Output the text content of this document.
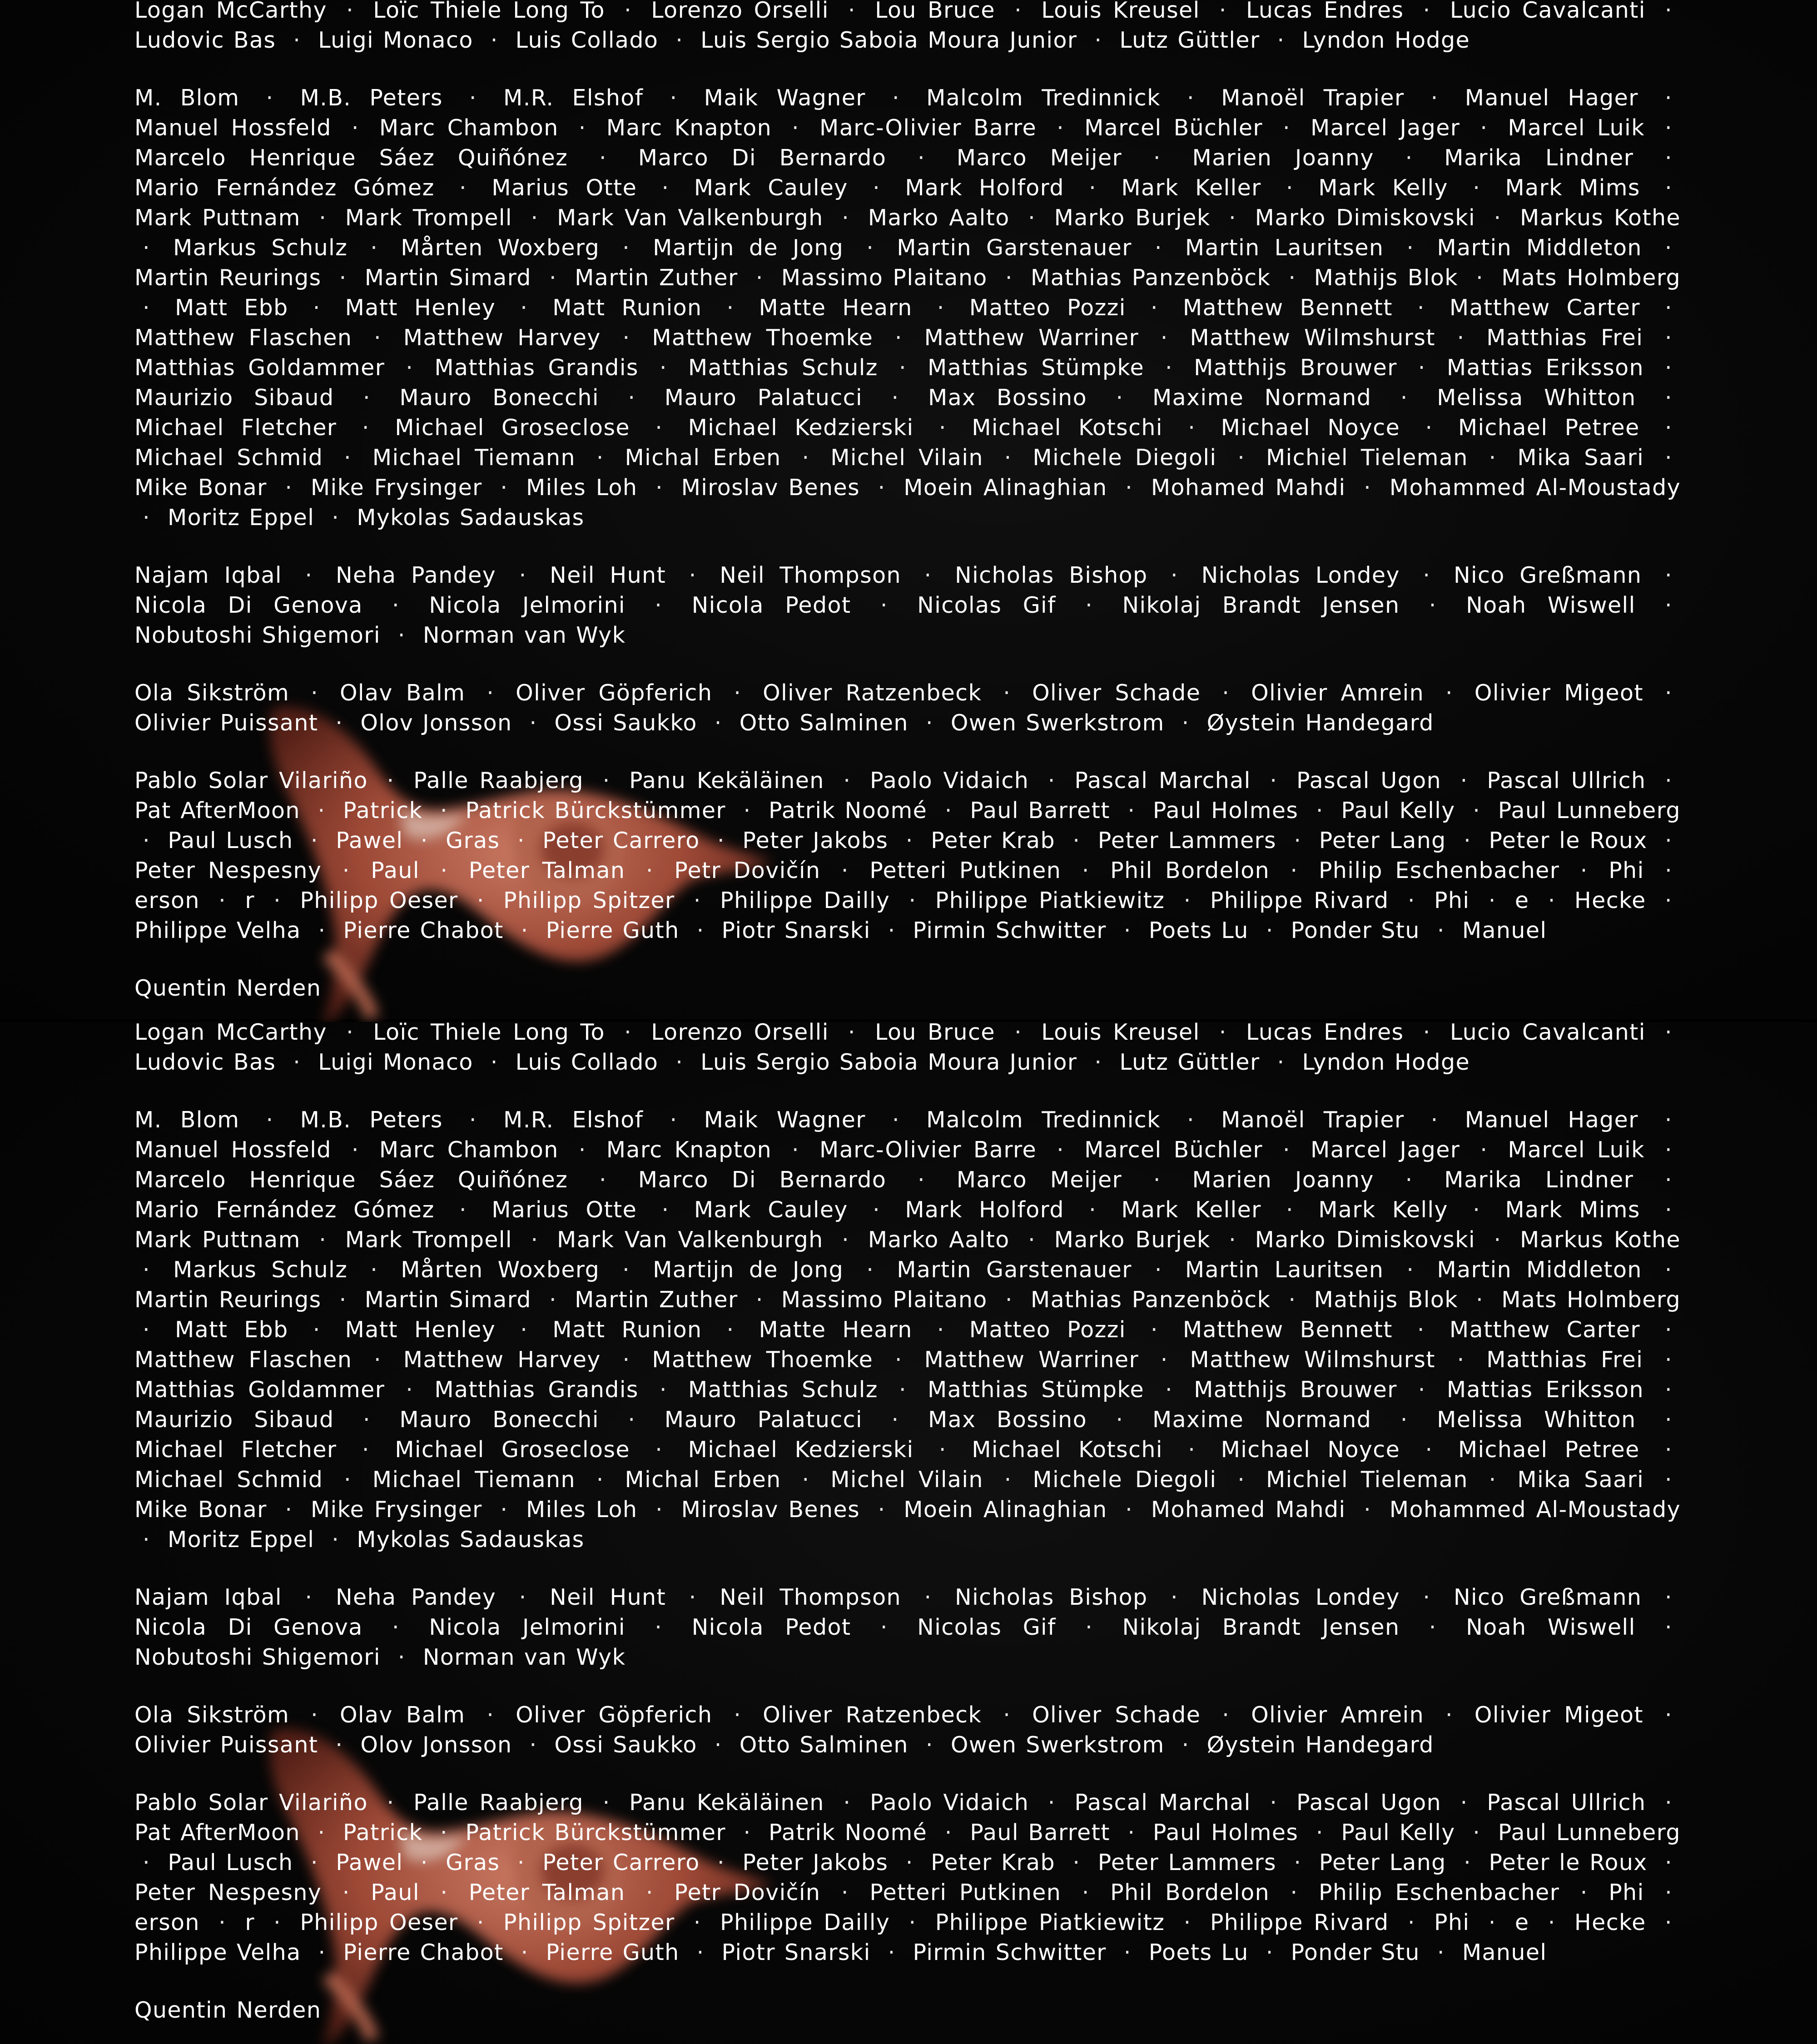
Logan McCarthy · Loïc Thiele Long To · Lorenzo Orselli · Lou Bruce · Louis Kreusel · Lucas Endres · Lucio Cavalcanti · Ludovic Bas · Luigi Monaco · Luis Collado · Luis Sergio Saboia Moura Junior · Lutz Güttler · Lyndon Hodge
M. Blom · M.B. Peters · M.R. Elshof · Maik Wagner · Malcolm Tredinnick · Manoël Trapier · Manuel Hager · Manuel Hossfeld · Marc Chambon · Marc Knapton · Marc-Olivier Barre · Marcel Büchler · Marcel Jager · Marcel Luik · Marcelo Henrique Sáez Quiñónez · Marco Di Bernardo · Marco Meijer · Marien Joanny · Marika Lindner · Mario Fernández Gómez · Marius Otte · Mark Cauley · Mark Holford · Mark Keller · Mark Kelly · Mark Mims · Mark Puttnam · Mark Trompell · Mark Van Valkenburgh · Marko Aalto · Marko Burjek · Marko Dimiskovski · Markus Kothe · Markus Schulz · Mårten Woxberg · Martijn de Jong · Martin Garstenauer · Martin Lauritsen · Martin Middleton · Martin Reurings · Martin Simard · Martin Zuther · Massimo Plaitano · Mathias Panzenböck · Mathijs Blok · Mats Holmberg · Matt Ebb · Matt Henley · Matt Runion · Matte Hearn · Matteo Pozzi · Matthew Bennett · Matthew Carter · Matthew Flaschen · Matthew Harvey · Matthew Thoemke · Matthew Warriner · Matthew Wilmshurst · Matthias Frei · Matthias Goldammer · Matthias Grandis · Matthias Schulz · Matthias Stümpke · Matthijs Brouwer · Mattias Eriksson · Maurizio Sibaud · Mauro Bonecchi · Mauro Palatucci · Max Bossino · Maxime Normand · Melissa Whitton · Michael Fletcher · Michael Groseclose · Michael Kedzierski · Michael Kotschi · Michael Noyce · Michael Petree · Michael Schmid · Michael Tiemann · Michal Erben · Michel Vilain · Michele Diegoli · Michiel Tieleman · Mika Saari · Mike Bonar · Mike Frysinger · Miles Loh · Miroslav Benes · Moein Alinaghian · Mohamed Mahdi · Mohammed Al-Moustady · Moritz Eppel · Mykolas Sadauskas
Najam Iqbal · Neha Pandey · Neil Hunt · Neil Thompson · Nicholas Bishop · Nicholas Londey · Nico Greßmann · Nicola Di Genova · Nicola Jelmorini · Nicola Pedot · Nicolas Gif · Nikolaj Brandt Jensen · Noah Wiswell · Nobutoshi Shigemori · Norman van Wyk
Ola Sikström · Olav Balm · Oliver Göpferich · Oliver Ratzenbeck · Oliver Schade · Olivier Amrein · Olivier Migeot · Olivier Puissant · Olov Jonsson · Ossi Saukko · Otto Salminen · Owen Swerkstrom · Øystein Handegard
Pablo Solar Vilariño · Palle Raabjerg · Panu Kekäläinen · Paolo Vidaich · Pascal Marchal · Pascal Ugon · Pascal Ullrich · Pat AfterMoon · Patrick · Patrick Bürckstümmer · Patrik Noomé · Paul Barrett · Paul Holmes · Paul Kelly · Paul Lunneberg · Paul Lusch · Pawel · Gras · Peter Carrero · Peter Jakobs · Peter Krab · Peter Lammers · Peter Lang · Peter le Roux · Peter Nespesny · Paul · Peter Talman · Petr Dovičín · Petteri Putkinen · Phil Bordelon · Philip Eschenbacher · Phi · erson · r · Philipp Oeser · Philipp Spitzer · Philippe Dailly · Philippe Piatkiewitz · Philippe Rivard · Phi · e · Hecke · Philippe Velha · Pierre Chabot · Pierre Guth · Piotr Snarski · Pirmin Schwitter · Poets Lu · Ponder Stu · Manuel
Quentin Nerden

Logan McCarthy · Loïc Thiele Long To · Lorenzo Orselli · Lou Bruce · Louis Kreusel · Lucas Endres · Lucio Cavalcanti · Ludovic Bas · Luigi Monaco · Luis Collado · Luis Sergio Saboia Moura Junior · Lutz Güttler · Lyndon Hodge
M. Blom · M.B. Peters · M.R. Elshof · Maik Wagner · Malcolm Tredinnick · Manoël Trapier · Manuel Hager · Manuel Hossfeld · Marc Chambon · Marc Knapton · Marc-Olivier Barre · Marcel Büchler · Marcel Jager · Marcel Luik · Marcelo Henrique Sáez Quiñónez · Marco Di Bernardo · Marco Meijer · Marien Joanny · Marika Lindner · Mario Fernández Gómez · Marius Otte · Mark Cauley · Mark Holford · Mark Keller · Mark Kelly · Mark Mims · Mark Puttnam · Mark Trompell · Mark Van Valkenburgh · Marko Aalto · Marko Burjek · Marko Dimiskovski · Markus Kothe · Markus Schulz · Mårten Woxberg · Martijn de Jong · Martin Garstenauer · Martin Lauritsen · Martin Middleton · Martin Reurings · Martin Simard · Martin Zuther · Massimo Plaitano · Mathias Panzenböck · Mathijs Blok · Mats Holmberg · Matt Ebb · Matt Henley · Matt Runion · Matte Hearn · Matteo Pozzi · Matthew Bennett · Matthew Carter · Matthew Flaschen · Matthew Harvey · Matthew Thoemke · Matthew Warriner · Matthew Wilmshurst · Matthias Frei · Matthias Goldammer · Matthias Grandis · Matthias Schulz · Matthias Stümpke · Matthijs Brouwer · Mattias Eriksson · Maurizio Sibaud · Mauro Bonecchi · Mauro Palatucci · Max Bossino · Maxime Normand · Melissa Whitton · Michael Fletcher · Michael Groseclose · Michael Kedzierski · Michael Kotschi · Michael Noyce · Michael Petree · Michael Schmid · Michael Tiemann · Michal Erben · Michel Vilain · Michele Diegoli · Michiel Tieleman · Mika Saari · Mike Bonar · Mike Frysinger · Miles Loh · Miroslav Benes · Moein Alinaghian · Mohamed Mahdi · Mohammed Al-Moustady · Moritz Eppel · Mykolas Sadauskas
Najam Iqbal · Neha Pandey · Neil Hunt · Neil Thompson · Nicholas Bishop · Nicholas Londey · Nico Greßmann · Nicola Di Genova · Nicola Jelmorini · Nicola Pedot · Nicolas Gif · Nikolaj Brandt Jensen · Noah Wiswell · Nobutoshi Shigemori · Norman van Wyk
Ola Sikström · Olav Balm · Oliver Göpferich · Oliver Ratzenbeck · Oliver Schade · Olivier Amrein · Olivier Migeot · Olivier Puissant · Olov Jonsson · Ossi Saukko · Otto Salminen · Owen Swerkstrom · Øystein Handegard
Pablo Solar Vilariño · Palle Raabjerg · Panu Kekäläinen · Paolo Vidaich · Pascal Marchal · Pascal Ugon · Pascal Ullrich · Pat AfterMoon · Patrick · Patrick Bürckstümmer · Patrik Noomé · Paul Barrett · Paul Holmes · Paul Kelly · Paul Lunneberg · Paul Lusch · Pawel · Gras · Peter Carrero · Peter Jakobs · Peter Krab · Peter Lammers · Peter Lang · Peter le Roux · Peter Nespesny · Paul · Peter Talman · Petr Dovičín · Petteri Putkinen · Phil Bordelon · Philip Eschenbacher · Phi · erson · r · Philipp Oeser · Philipp Spitzer · Philippe Dailly · Philippe Piatkiewitz · Philippe Rivard · Phi · e · Hecke · Philippe Velha · Pierre Chabot · Pierre Guth · Piotr Snarski · Pirmin Schwitter · Poets Lu · Ponder Stu · Manuel
Quentin Nerden
